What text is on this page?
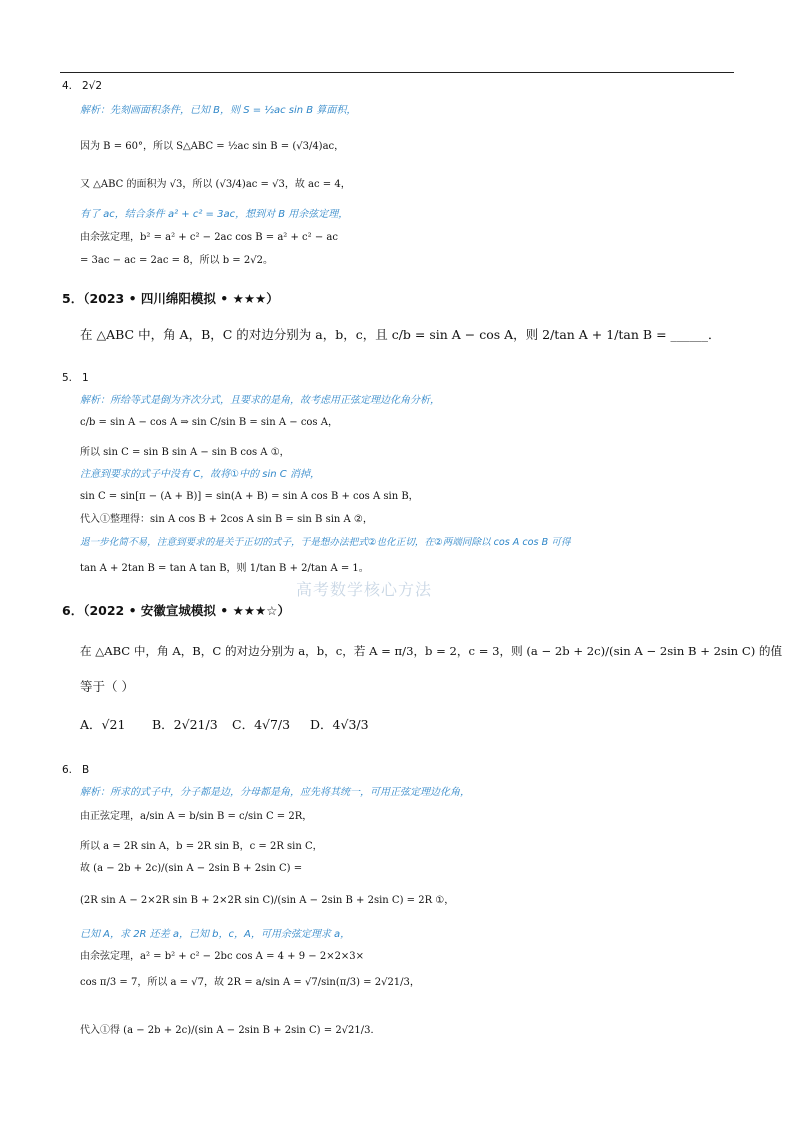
4. 2√2
解析：先刻画面积条件，已知 B，则 S = ½ac sin B 算面积，
因为 B = 60°，所以 S△ABC = ½ac sin B = (√3/4)ac，
又 △ABC 的面积为 √3，所以 (√3/4)ac = √3，故 ac = 4，
有了 ac，结合条件 a² + c² = 3ac，想到对 B 用余弦定理，
由余弦定理，b² = a² + c² − 2ac cos B = a² + c² − ac
= 3ac − ac = 2ac = 8，所以 b = 2√2。
5．（2023 • 四川绵阳模拟 • ★★★）
在 △ABC 中，角 A，B，C 的对边分别为 a，b，c，且 c/b = sin A − cos A，则 2/tan A + 1/tan B = ______．
5. 1
解析：所给等式是倒为齐次分式，且要求的是角，故考虑用正弦定理边化角分析，
c/b = sin A − cos A ⇒ sin C/sin B = sin A − cos A，
所以 sin C = sin B sin A − sin B cos A ①，
注意到要求的式子中没有 C，故将①中的 sin C 消掉，
sin C = sin[π − (A + B)] = sin(A + B) = sin A cos B + cos A sin B，
代入①整理得：sin A cos B + 2cos A sin B = sin B sin A ②，
退一步化简不易，注意到要求的是关于正切的式子，于是想办法把式②也化正切，在②两端同除以 cos A cos B 可得
tan A + 2tan B = tan A tan B，则 1/tan B + 2/tan A = 1。
高考数学核心方法
6．（2022 • 安徽宣城模拟 • ★★★☆）
在 △ABC 中，角 A，B，C 的对边分别为 a，b，c，若 A = π/3，b = 2，c = 3，则 (a − 2b + 2c)/(sin A − 2sin B + 2sin C) 的值
等于（ ）
A．√21 B．2√21/3 C．4√7/3 D．4√3/3
6. B
解析：所求的式子中，分子都是边，分母都是角，应先将其统一，可用正弦定理边化角，
由正弦定理，a/sin A = b/sin B = c/sin C = 2R，
所以 a = 2R sin A，b = 2R sin B，c = 2R sin C，
故 (a − 2b + 2c)/(sin A − 2sin B + 2sin C) =
(2R sin A − 2×2R sin B + 2×2R sin C)/(sin A − 2sin B + 2sin C) = 2R ①，
已知 A，求 2R 还差 a，已知 b，c，A，可用余弦定理求 a，
由余弦定理，a² = b² + c² − 2bc cos A = 4 + 9 − 2×2×3×
cos π/3 = 7，所以 a = √7，故 2R = a/sin A = √7/sin(π/3) = 2√21/3，
代入①得 (a − 2b + 2c)/(sin A − 2sin B + 2sin C) = 2√21/3．
